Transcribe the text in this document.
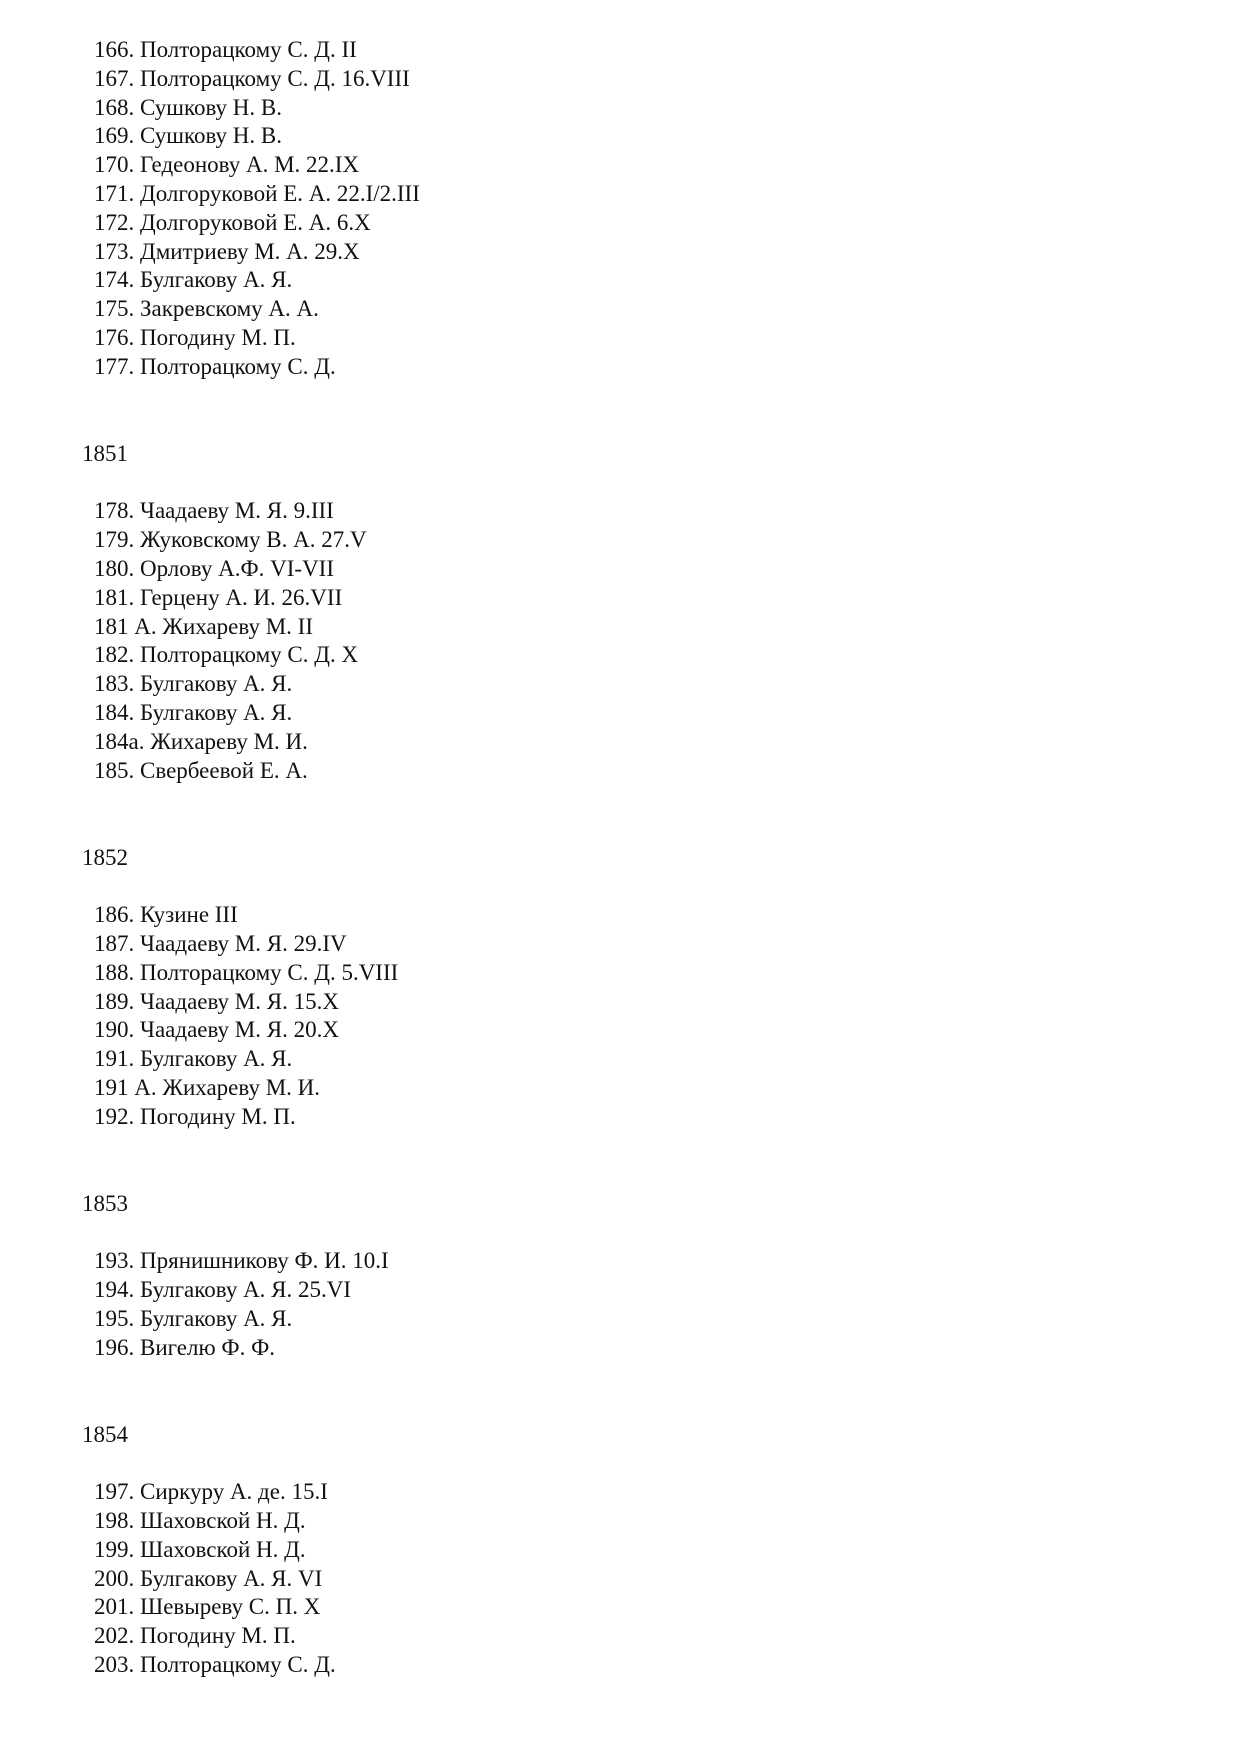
166. Полторацкому С. Д. II
167. Полторацкому С. Д. 16.VIII
168. Сушкову Н. В.
169. Сушкову Н. В.
170. Гедеонову А. М. 22.IX
171. Долгоруковой Е. А. 22.I/2.III
172. Долгоруковой Е. А. 6.X
173. Дмитриеву М. А. 29.X
174. Булгакову А. Я.
175. Закревскому А. А.
176. Погодину М. П.
177. Полторацкому С. Д.
1851
178. Чаадаеву М. Я. 9.III
179. Жуковскому В. А. 27.V
180. Орлову А.Ф. VI-VII
181. Герцену А. И. 26.VII
181 А. Жихареву М. II
182. Полторацкому С. Д. X
183. Булгакову А. Я.
184. Булгакову А. Я.
184а. Жихареву М. И.
185. Свербеевой Е. А.
1852
186. Кузине III
187. Чаадаеву М. Я. 29.IV
188. Полторацкому С. Д. 5.VIII
189. Чаадаеву М. Я. 15.X
190. Чаадаеву М. Я. 20.X
191. Булгакову А. Я.
191 А. Жихареву М. И.
192. Погодину М. П.
1853
193. Прянишникову Ф. И. 10.I
194. Булгакову А. Я. 25.VI
195. Булгакову А. Я.
196. Вигелю Ф. Ф.
1854
197. Сиркуру А. де. 15.I
198. Шаховской Н. Д.
199. Шаховской Н. Д.
200. Булгакову А. Я. VI
201. Шевыреву С. П. X
202. Погодину М. П.
203. Полторацкому С. Д.
